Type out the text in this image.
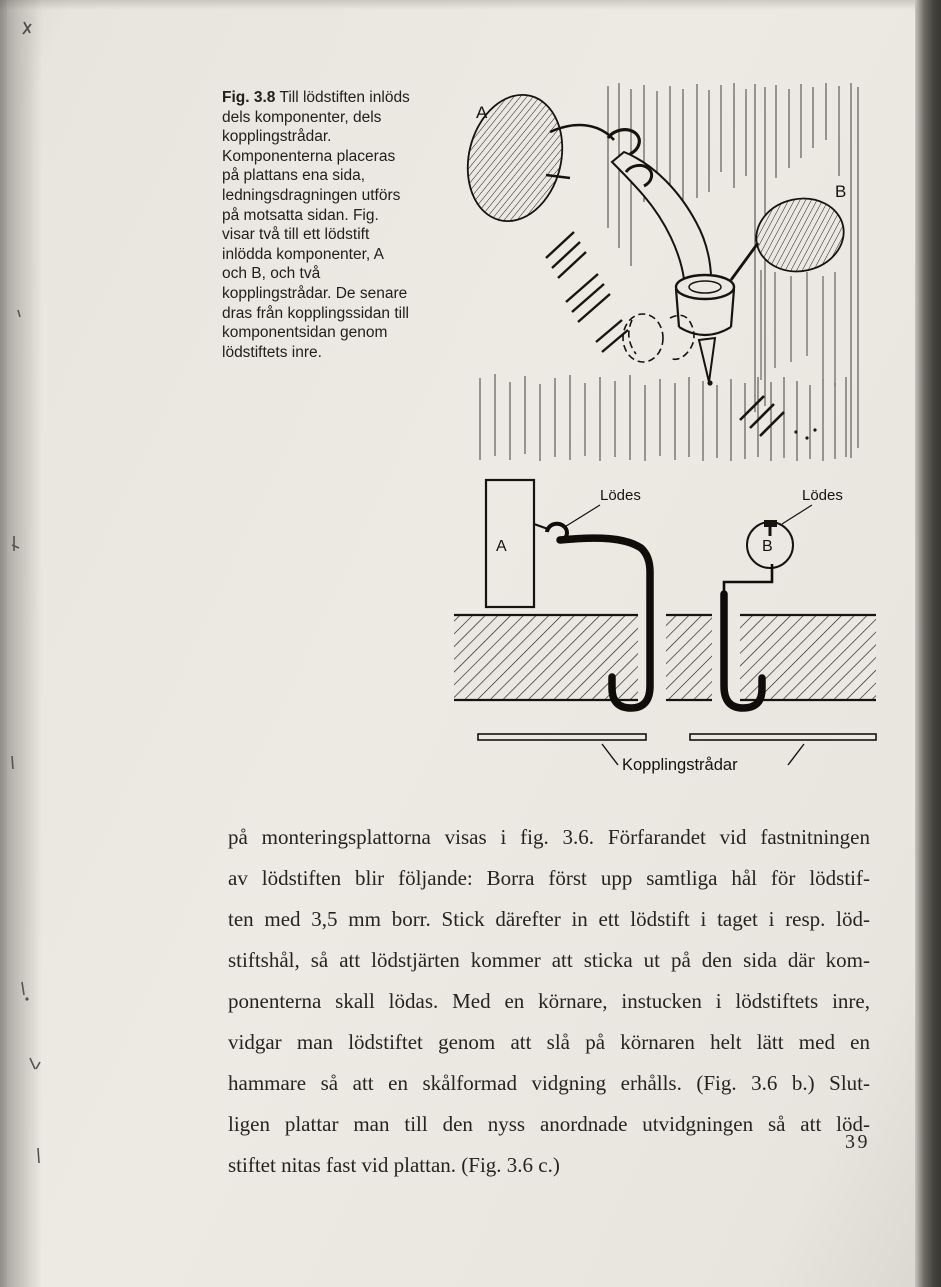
Fig. 3.8 Till lödstiften inlöds dels komponenter, dels kopplingstrådar. Komponenterna placeras på plattans ena sida, ledningsdragningen utförs på motsatta sidan. Fig. visar två till ett lödstift inlödda komponenter, A och B, och två kopplingstrådar. De senare dras från kopplingssidan till komponentsidan genom lödstiftets inre.
A
B
A	B
Lödes	Lödes
Kopplingstrådar
på monteringsplattorna visas i fig. 3.6. Förfarandet vid fastnitningen
av lödstiften blir följande: Borra först upp samtliga hål för lödstif-
ten med 3,5 mm borr. Stick därefter in ett lödstift i taget i resp. löd-
stiftshål, så att lödstjärten kommer att sticka ut på den sida där kom-
ponenterna skall lödas. Med en körnare, instucken i lödstiftets inre,
vidgar man lödstiftet genom att slå på körnaren helt lätt med en
hammare så att en skålformad vidgning erhålls. (Fig. 3.6 b.) Slut-
ligen plattar man till den nyss anordnade utvidgningen så att löd-
stiftet nitas fast vid plattan. (Fig. 3.6 c.)
39
